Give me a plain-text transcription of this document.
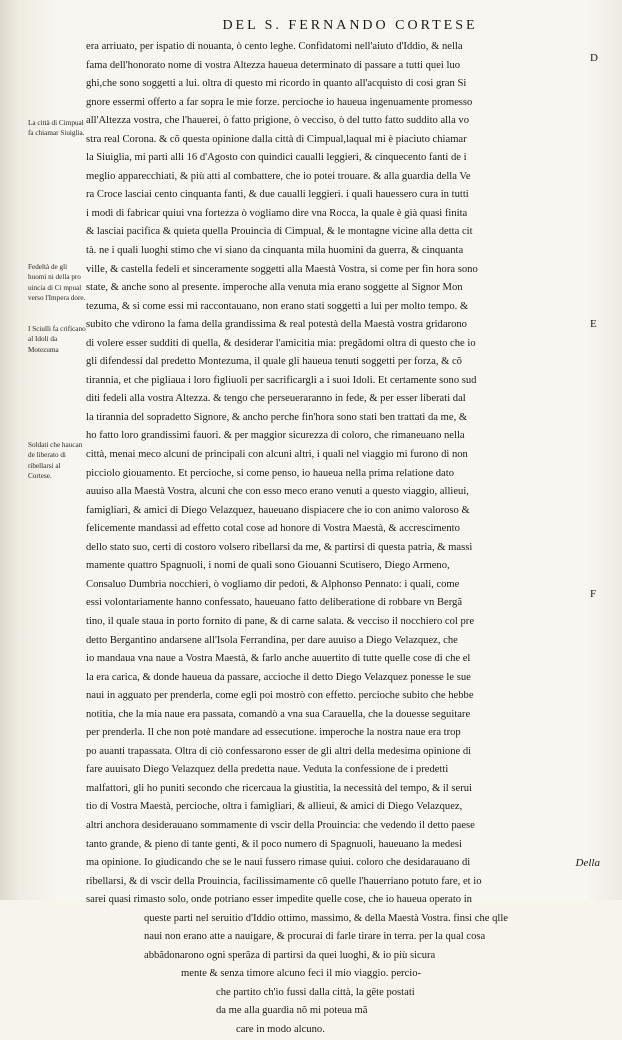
DEL S. FERNANDO CORTESE
La città di Cimpual fa chiamar Siuiglia.
Fedeltà de gli huomi ni della pro uincia di Ci mpual verso l'Impera dore.
I Sciulli fa crificano al Idoli da Motezuma
Soldati che haucan de liberato di ribellarsi al Cortese.
D
E
F
era arriuato, per ispatio di nouanta, ò cento leghe. Confidatomi nell'aiuto d'Iddio, & nella
fama dell'honorato nome di vostra Altezza haueua determinato di passare a tutti quei luo
ghi,che sono soggetti a lui. oltra di questo mi ricordo in quanto all'acquisto di cosi gran Si
gnore essermi offerto a far sopra le mie forze. percioche io haueua ingenuamente promesso
all'Altezza vostra, che l'hauerei, ò fatto prigione, ò vecciso, ò del tutto fatto suddito alla vo
stra real Corona. & cõ questa opinione dalla città di Cimpual,laqual mi è piaciuto chiamar
la Siuiglia, mi parti alli 16 d'Agosto con quindici caualli leggieri, & cinquecento fanti de i
meglio apparecchiati, & più atti al combattere, che io potei trouare. & alla guardia della Ve
ra Croce lasciai cento cinquanta fanti, & due caualli leggieri. i quali hauessero cura in tutti
i modi di fabricar quiui vna fortezza ò vogliamo dire vna Rocca, la quale è già quasi finita
& lasciai pacifica & quieta quella Prouincia di Cimpual, & le montagne vicine alla detta cit
tà. ne i quali luoghi stimo che vi siano da cinquanta mila huomini da guerra, & cinquanta
ville, & castella fedeli et sinceramente soggetti alla Maestà Vostra, si come per fin hora sono
state, & anche sono al presente. imperoche alla venuta mia erano soggette al Signor Mon
tezuma, & si come essi mi raccontauano, non erano stati soggetti a lui per molto tempo. &
subito che vdirono la fama della grandissima & real potestà della Maestà vostra gridarono
di volere esser sudditi di quella, & desiderar l'amicitia mia: pregãdomi oltra di questo che io
gli difendessi dal predetto Montezuma, il quale gli haueua tenuti soggetti per forza, & cõ
tirannia, et che pigliaua i loro figliuoli per sacrificargli a i suoi Idoli. Et certamente sono sud
diti fedeli alla vostra Altezza. & tengo che perseueraranno in fede, & per esser liberati dal
la tirannia del sopradetto Signore, & ancho perche fin'hora sono stati ben trattati da me, &
ho fatto loro grandissimi fauori. & per maggior sicurezza di coloro, che rimaneuano nella
città, menai meco alcuni de principali con alcuni altri, i quali nel viaggio mi furono di non
picciolo giouamento. Et percioche, si come penso, io haueua nella prima relatione dato
auuiso alla Maestà Vostra, alcuni che con esso meco erano venuti a questo viaggio, allieui,
famigliari, & amici di Diego Velazquez, haueuano dispiacere che io con animo valoroso &
felicemente mandassi ad effetto cotal cose ad honore di Vostra Maestà, & accrescimento
dello stato suo, certi di costoro volsero ribellarsi da me, & partirsi di questa patria, & massi
mamente quattro Spagnuoli, i nomi de quali sono Giouanni Scutisero, Diego Armeno,
Consaluo Dumbria nocchieri, ò vogliamo dir pedoti, & Alphonso Pennato: i quali, come
essi volontariamente hanno confessato, haueuano fatto deliberatione di robbare vn Bergã
tino, il quale staua in porto fornito di pane, & di carne salata. & vecciso il nocchiero col pre
detto Bergantino andarsene all'Isola Ferrandina, per dare auuiso a Diego Velazquez, che
io mandaua vna naue a Vostra Maestà, & farlo anche auuertito di tutte quelle cose di che el
la era carica, & donde haueua da passare, accioche il detto Diego Velazquez ponesse le sue
naui in agguato per prenderla, come egli poi mostrò con effetto. percioche subito che hebbe
notitia, che la mia naue era passata, comandò a vna sua Carauella, che la douesse seguitare
per prenderla. Il che non potè mandare ad essecutione. imperoche la nostra naue era trop
po auanti trapassata. Oltra di ciò confessarono esser de gli altri della medesima opinione di
fare auuisato Diego Velazquez della predetta naue. Veduta la confessione de i predetti
malfattori, gli ho puniti secondo che ricercaua la giustitia, la necessità del tempo, & il serui
tio di Vostra Maestà, percioche, oltra i famigliari, & allieui, & amici di Diego Velazquez,
altri anchora desiderauano sommamente di vscir della Prouincia: che vedendo il detto paese
tanto grande, & pieno di tante genti, & il poco numero di Spagnuoli, haueuano la medesi
ma opinione. Io giudicando che se le naui fussero rimase quiui. coloro che desidarauano di
ribellarsi, & di vscir della Prouincia, facilissimamente cõ quelle l'hauerriano potuto fare, et io
sarei quasi rimasto solo, onde potriano esser impedite quelle cose, che io haueua operato in
queste parti nel seruitio d'Iddio ottimo, massimo, & della Maestà Vostra. finsi che qlle
naui non erano atte a nauigare, & procurai di farle tirare in terra. per la qual cosa
abbãdonarono ogni sperãza di partirsi da quei luoghi, & io più sicura
mente & senza timore alcuno feci il mio viaggio. percio-
che partito ch'io fussi dalla città, la gẽte postati
da me alla guardia nõ mi poteua mã
care in modo alcuno.
Della
